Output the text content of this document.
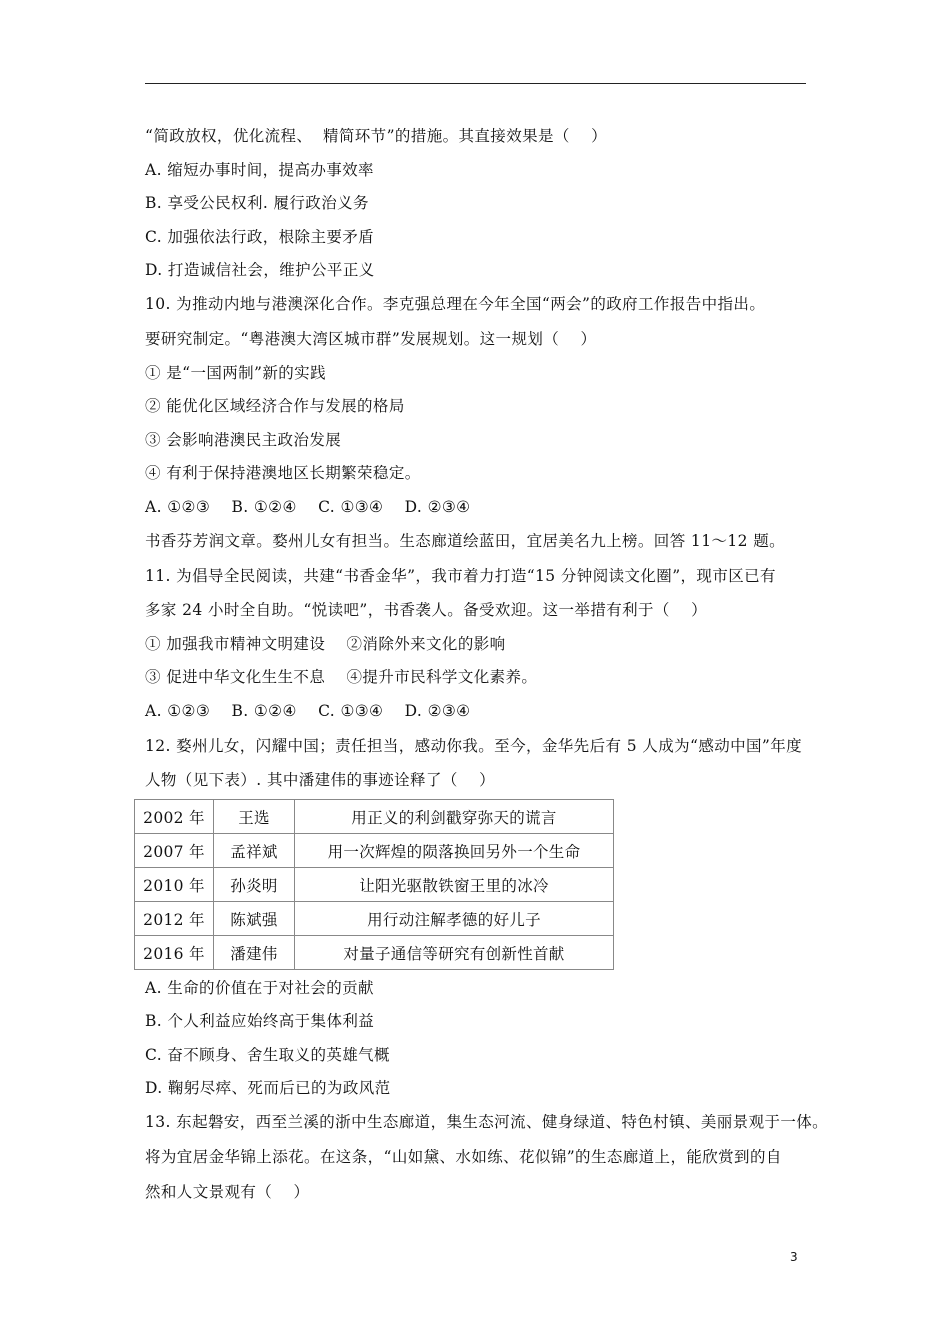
“简政放权，优化流程、  精简环节”的措施。其直接效果是（    ）
A. 缩短办事时间，提高办事效率
B. 享受公民权利. 履行政治义务
C. 加强依法行政，根除主要矛盾
D. 打造诚信社会，维护公平正义
10. 为推动内地与港澳深化合作。李克强总理在今年全国“两会”的政府工作报告中指出。
要研究制定。“粤港澳大湾区城市群”发展规划。这一规划（    ）
① 是“一国两制”新的实践
② 能优化区域经济合作与发展的格局
③ 会影响港澳民主政治发展
④ 有利于保持港澳地区长期繁荣稳定。
A. ①②③    B. ①②④    C. ①③④    D. ②③④
书香芬芳润文章。婺州儿女有担当。生态廊道绘蓝田，宜居美名九上榜。回答 11～12 题。
11. 为倡导全民阅读，共建“书香金华”，我市着力打造“15 分钟阅读文化圈”，现市区已有
多家 24 小时全自助。“悦读吧”，书香袭人。备受欢迎。这一举措有利于（    ）
① 加强我市精神文明建设    ②消除外来文化的影响
③ 促进中华文化生生不息    ④提升市民科学文化素养。
A. ①②③    B. ①②④    C. ①③④    D. ②③④
12. 婺州儿女，闪耀中国；责任担当，感动你我。至今，金华先后有 5 人成为“感动中国”年度
人物（见下表）. 其中潘建伟的事迹诠释了（    ）
2002 年	王选	用正义的利剑戳穿弥天的谎言
2007 年	孟祥斌	用一次辉煌的陨落换回另外一个生命
2010 年	孙炎明	让阳光驱散铁窗王里的冰冷
2012 年	陈斌强	用行动注解孝德的好儿子
2016 年	潘建伟	对量子通信等研究有创新性首献
A. 生命的价值在于对社会的贡献
B. 个人利益应始终高于集体利益
C. 奋不顾身、舍生取义的英雄气概
D. 鞠躬尽瘁、死而后已的为政风范
13. 东起磐安，西至兰溪的浙中生态廊道，集生态河流、健身绿道、特色村镇、美丽景观于一体。
将为宜居金华锦上添花。在这条，“山如黛、水如练、花似锦”的生态廊道上，能欣赏到的自
然和人文景观有（    ）
3
